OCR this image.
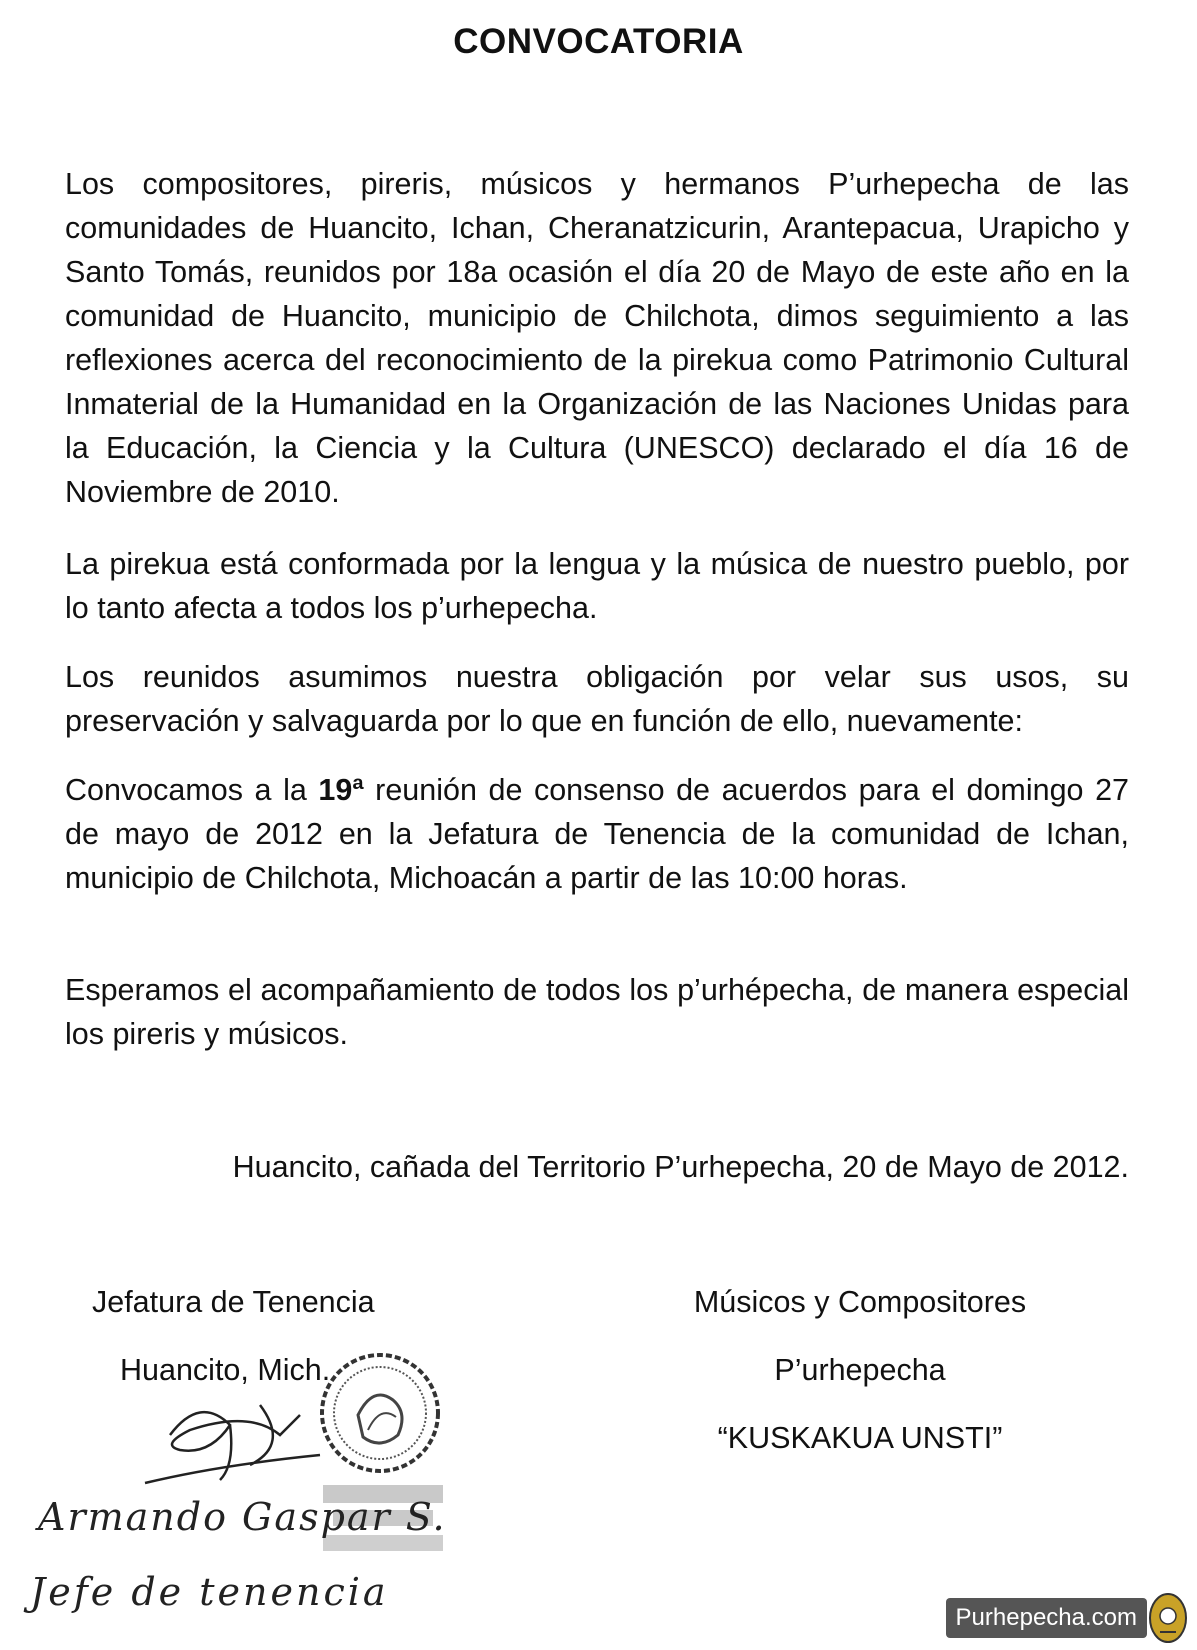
CONVOCATORIA

Los compositores, pireris, músicos y hermanos P’urhepecha de las comunidades de Huancito, Ichan, Cheranatzicurin, Arantepacua, Urapicho y Santo Tomás, reunidos por 18a ocasión el día 20 de Mayo de este año en la comunidad de Huancito, municipio de Chilchota, dimos seguimiento a las reflexiones acerca del reconocimiento de la pirekua como Patrimonio Cultural Inmaterial de la Humanidad en la Organización de las Naciones Unidas para la Educación, la Ciencia y la Cultura (UNESCO) declarado el día 16 de Noviembre de 2010.

La pirekua está conformada por la lengua y la música de nuestro pueblo, por lo tanto afecta a todos los p’urhepecha.

Los reunidos asumimos nuestra obligación por velar sus usos, su preservación y salvaguarda por lo que en función de ello, nuevamente:

Convocamos a la 19ª reunión de consenso de acuerdos para el domingo 27 de mayo de 2012 en la Jefatura de Tenencia de la comunidad de Ichan, municipio de Chilchota, Michoacán a partir de las 10:00 horas.

Esperamos el acompañamiento de todos los p’urhépecha, de manera especial los pireris y músicos.

Huancito, cañada del Territorio P’urhepecha, 20 de Mayo de 2012.

Jefatura de Tenencia
Huancito, Mich.
Armando Gaspar S.
Jefe de tenencia
Músicos y Compositores
P’urhepecha
“KUSKAKUA UNSTI”
Purhepecha.com
